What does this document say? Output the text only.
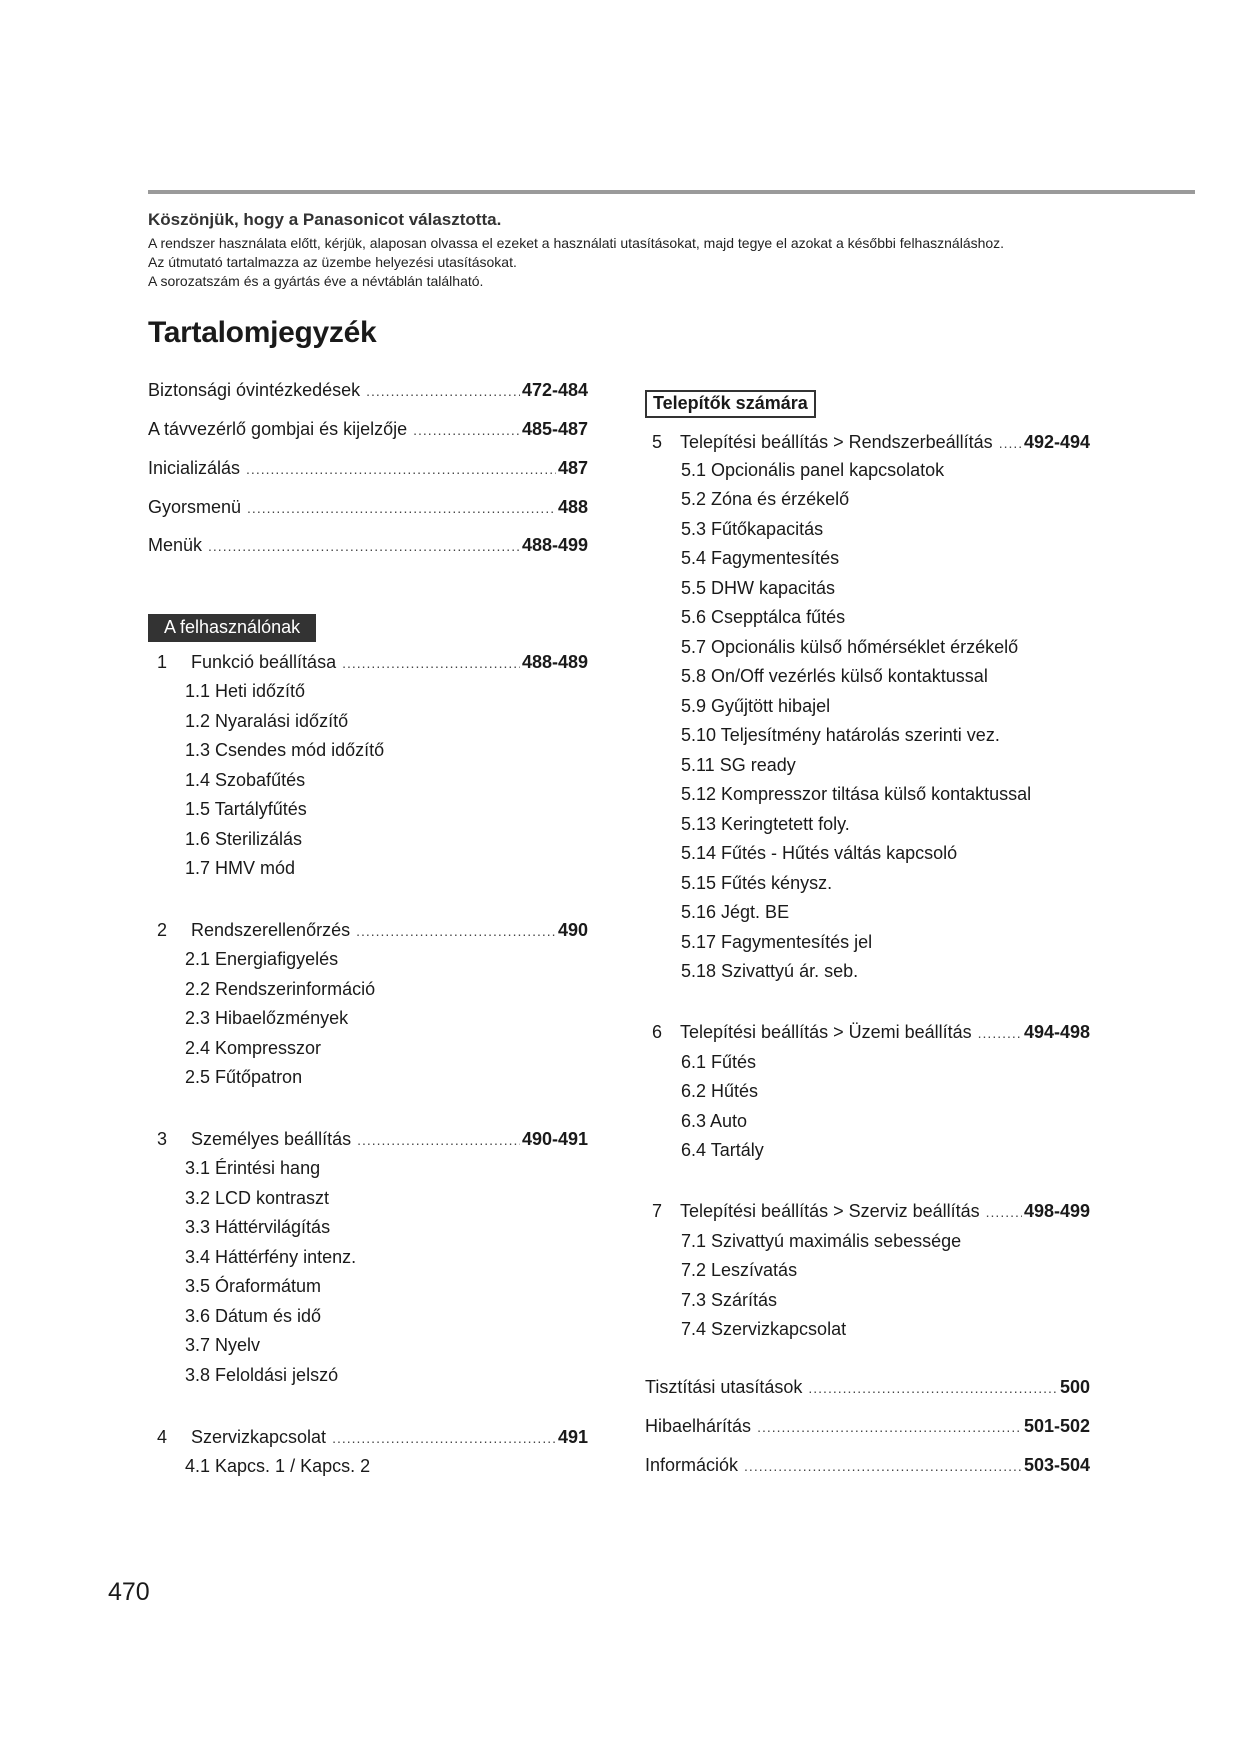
Köszönjük, hogy a Panasonicot választotta.
A rendszer használata előtt, kérjük, alaposan olvassa el ezeket a használati utasításokat, majd tegye el azokat a későbbi felhasználáshoz.
Az útmutató tartalmazza az üzembe helyezési utasításokat.
A sorozatszám és a gyártás éve a névtáblán található.
Tartalomjegyzék
Biztonsági óvintézkedések .....	472-484
A távvezérlő gombjai és kijelzője .....	485-487
Inicializálás .....	487
Gyorsmenü .....	488
Menük .....	488-499
A felhasználónak
1 Funkció beállítása .....	488-489
1.1 Heti időzítő
1.2 Nyaralási időzítő
1.3 Csendes mód időzítő
1.4 Szobafűtés
1.5 Tartályfűtés
1.6 Sterilizálás
1.7 HMV mód
2 Rendszerellenőrzés .....	490
2.1 Energiafigyelés
2.2 Rendszerinformáció
2.3 Hibaelőzmények
2.4 Kompresszor
2.5 Fűtőpatron
3 Személyes beállítás .....	490-491
3.1 Érintési hang
3.2 LCD kontraszt
3.3 Háttérvilágítás
3.4 Háttérfény intenz.
3.5 Óraformátum
3.6 Dátum és idő
3.7 Nyelv
3.8 Feloldási jelszó
4 Szervizkapcsolat .....	491
4.1 Kapcs. 1 / Kapcs. 2
Telepítők számára
5 Telepítési beállítás > Rendszerbeállítás ..... 492-494
5.1 Opcionális panel kapcsolatok
5.2 Zóna és érzékelő
5.3 Fűtőkapacitás
5.4 Fagymentesítés
5.5 DHW kapacitás
5.6 Csepptálca fűtés
5.7 Opcionális külső hőmérséklet érzékelő
5.8 On/Off vezérlés külső kontaktussal
5.9 Gyűjtött hibajel
5.10 Teljesítmény határolás szerinti vez.
5.11 SG ready
5.12 Kompresszor tiltása külső kontaktussal
5.13 Keringtetett foly.
5.14 Fűtés - Hűtés váltás kapcsoló
5.15 Fűtés kénysz.
5.16 Jégt. BE
5.17 Fagymentesítés jel
5.18 Szivattyú ár. seb.
6 Telepítési beállítás > Üzemi beállítás .....	494-498
6.1 Fűtés
6.2 Hűtés
6.3 Auto
6.4 Tartály
7 Telepítési beállítás > Szerviz beállítás ..... 498-499
7.1 Szivattyú maximális sebessége
7.2 Leszívatás
7.3 Szárítás
7.4 Szervizkapcsolat
Tisztítási utasítások .....	500
Hibaelhárítás .....	501-502
Információk .....	503-504
470
